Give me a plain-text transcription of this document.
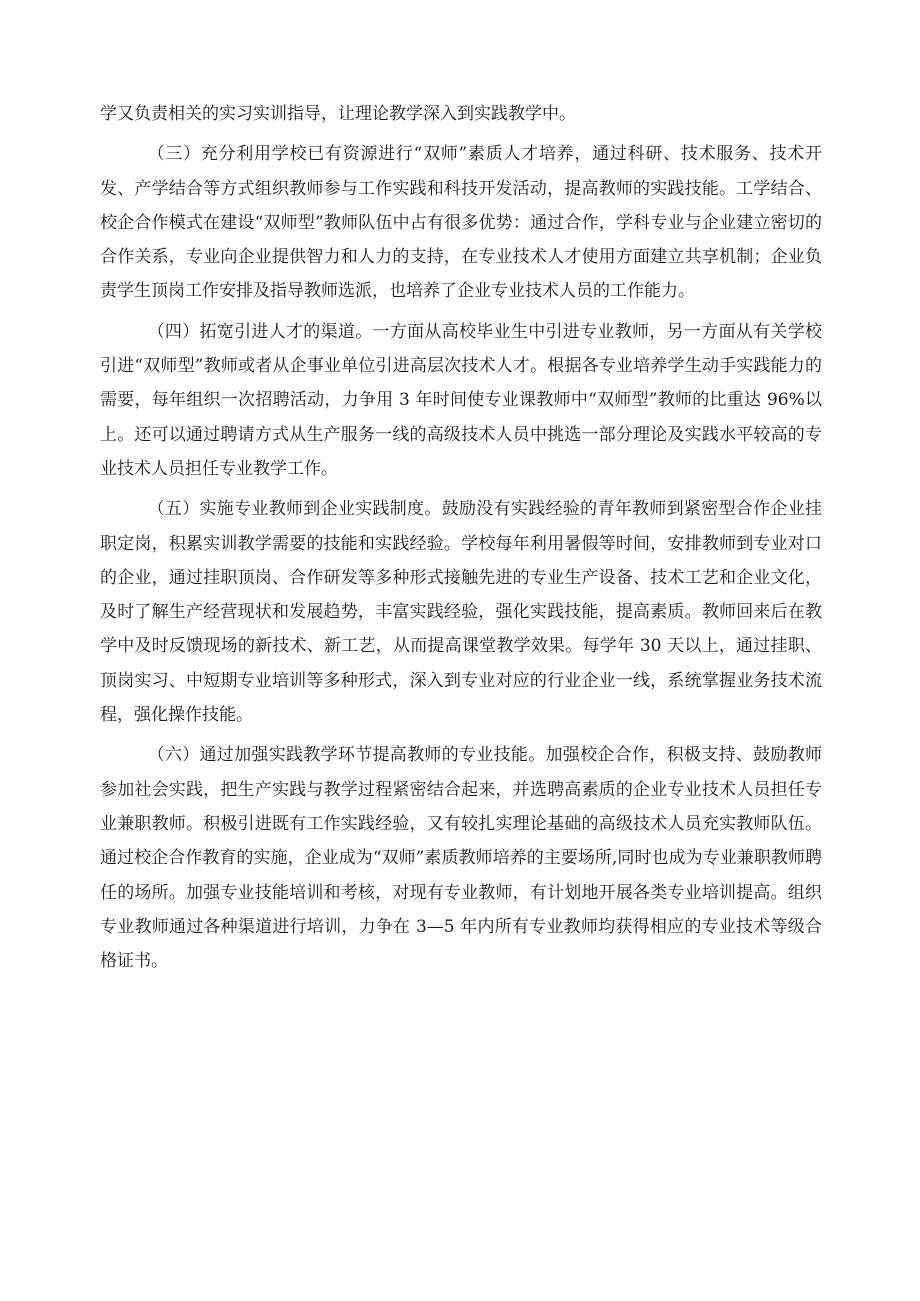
学又负责相关的实习实训指导，让理论教学深入到实践教学中。

（三）充分利用学校已有资源进行“双师”素质人才培养，通过科研、技术服务、技术开发、产学结合等方式组织教师参与工作实践和科技开发活动，提高教师的实践技能。工学结合、校企合作模式在建设“双师型”教师队伍中占有很多优势：通过合作，学科专业与企业建立密切的合作关系，专业向企业提供智力和人力的支持，在专业技术人才使用方面建立共享机制；企业负责学生顶岗工作安排及指导教师选派，也培养了企业专业技术人员的工作能力。

（四）拓宽引进人才的渠道。一方面从高校毕业生中引进专业教师，另一方面从有关学校引进“双师型”教师或者从企事业单位引进高层次技术人才。根据各专业培养学生动手实践能力的需要，每年组织一次招聘活动，力争用 3 年时间使专业课教师中“双师型”教师的比重达 96%以上。还可以通过聘请方式从生产服务一线的高级技术人员中挑选一部分理论及实践水平较高的专业技术人员担任专业教学工作。

（五）实施专业教师到企业实践制度。鼓励没有实践经验的青年教师到紧密型合作企业挂职定岗，积累实训教学需要的技能和实践经验。学校每年利用暑假等时间，安排教师到专业对口的企业，通过挂职顶岗、合作研发等多种形式接触先进的专业生产设备、技术工艺和企业文化，及时了解生产经营现状和发展趋势，丰富实践经验，强化实践技能，提高素质。教师回来后在教学中及时反馈现场的新技术、新工艺，从而提高课堂教学效果。每学年 30 天以上，通过挂职、顶岗实习、中短期专业培训等多种形式，深入到专业对应的行业企业一线，系统掌握业务技术流程，强化操作技能。

（六）通过加强实践教学环节提高教师的专业技能。加强校企合作，积极支持、鼓励教师参加社会实践，把生产实践与教学过程紧密结合起来，并选聘高素质的企业专业技术人员担任专业兼职教师。积极引进既有工作实践经验，又有较扎实理论基础的高级技术人员充实教师队伍。通过校企合作教育的实施，企业成为“双师”素质教师培养的主要场所,同时也成为专业兼职教师聘任的场所。加强专业技能培训和考核，对现有专业教师，有计划地开展各类专业培训提高。组织专业教师通过各种渠道进行培训，力争在 3—5 年内所有专业教师均获得相应的专业技术等级合格证书。
